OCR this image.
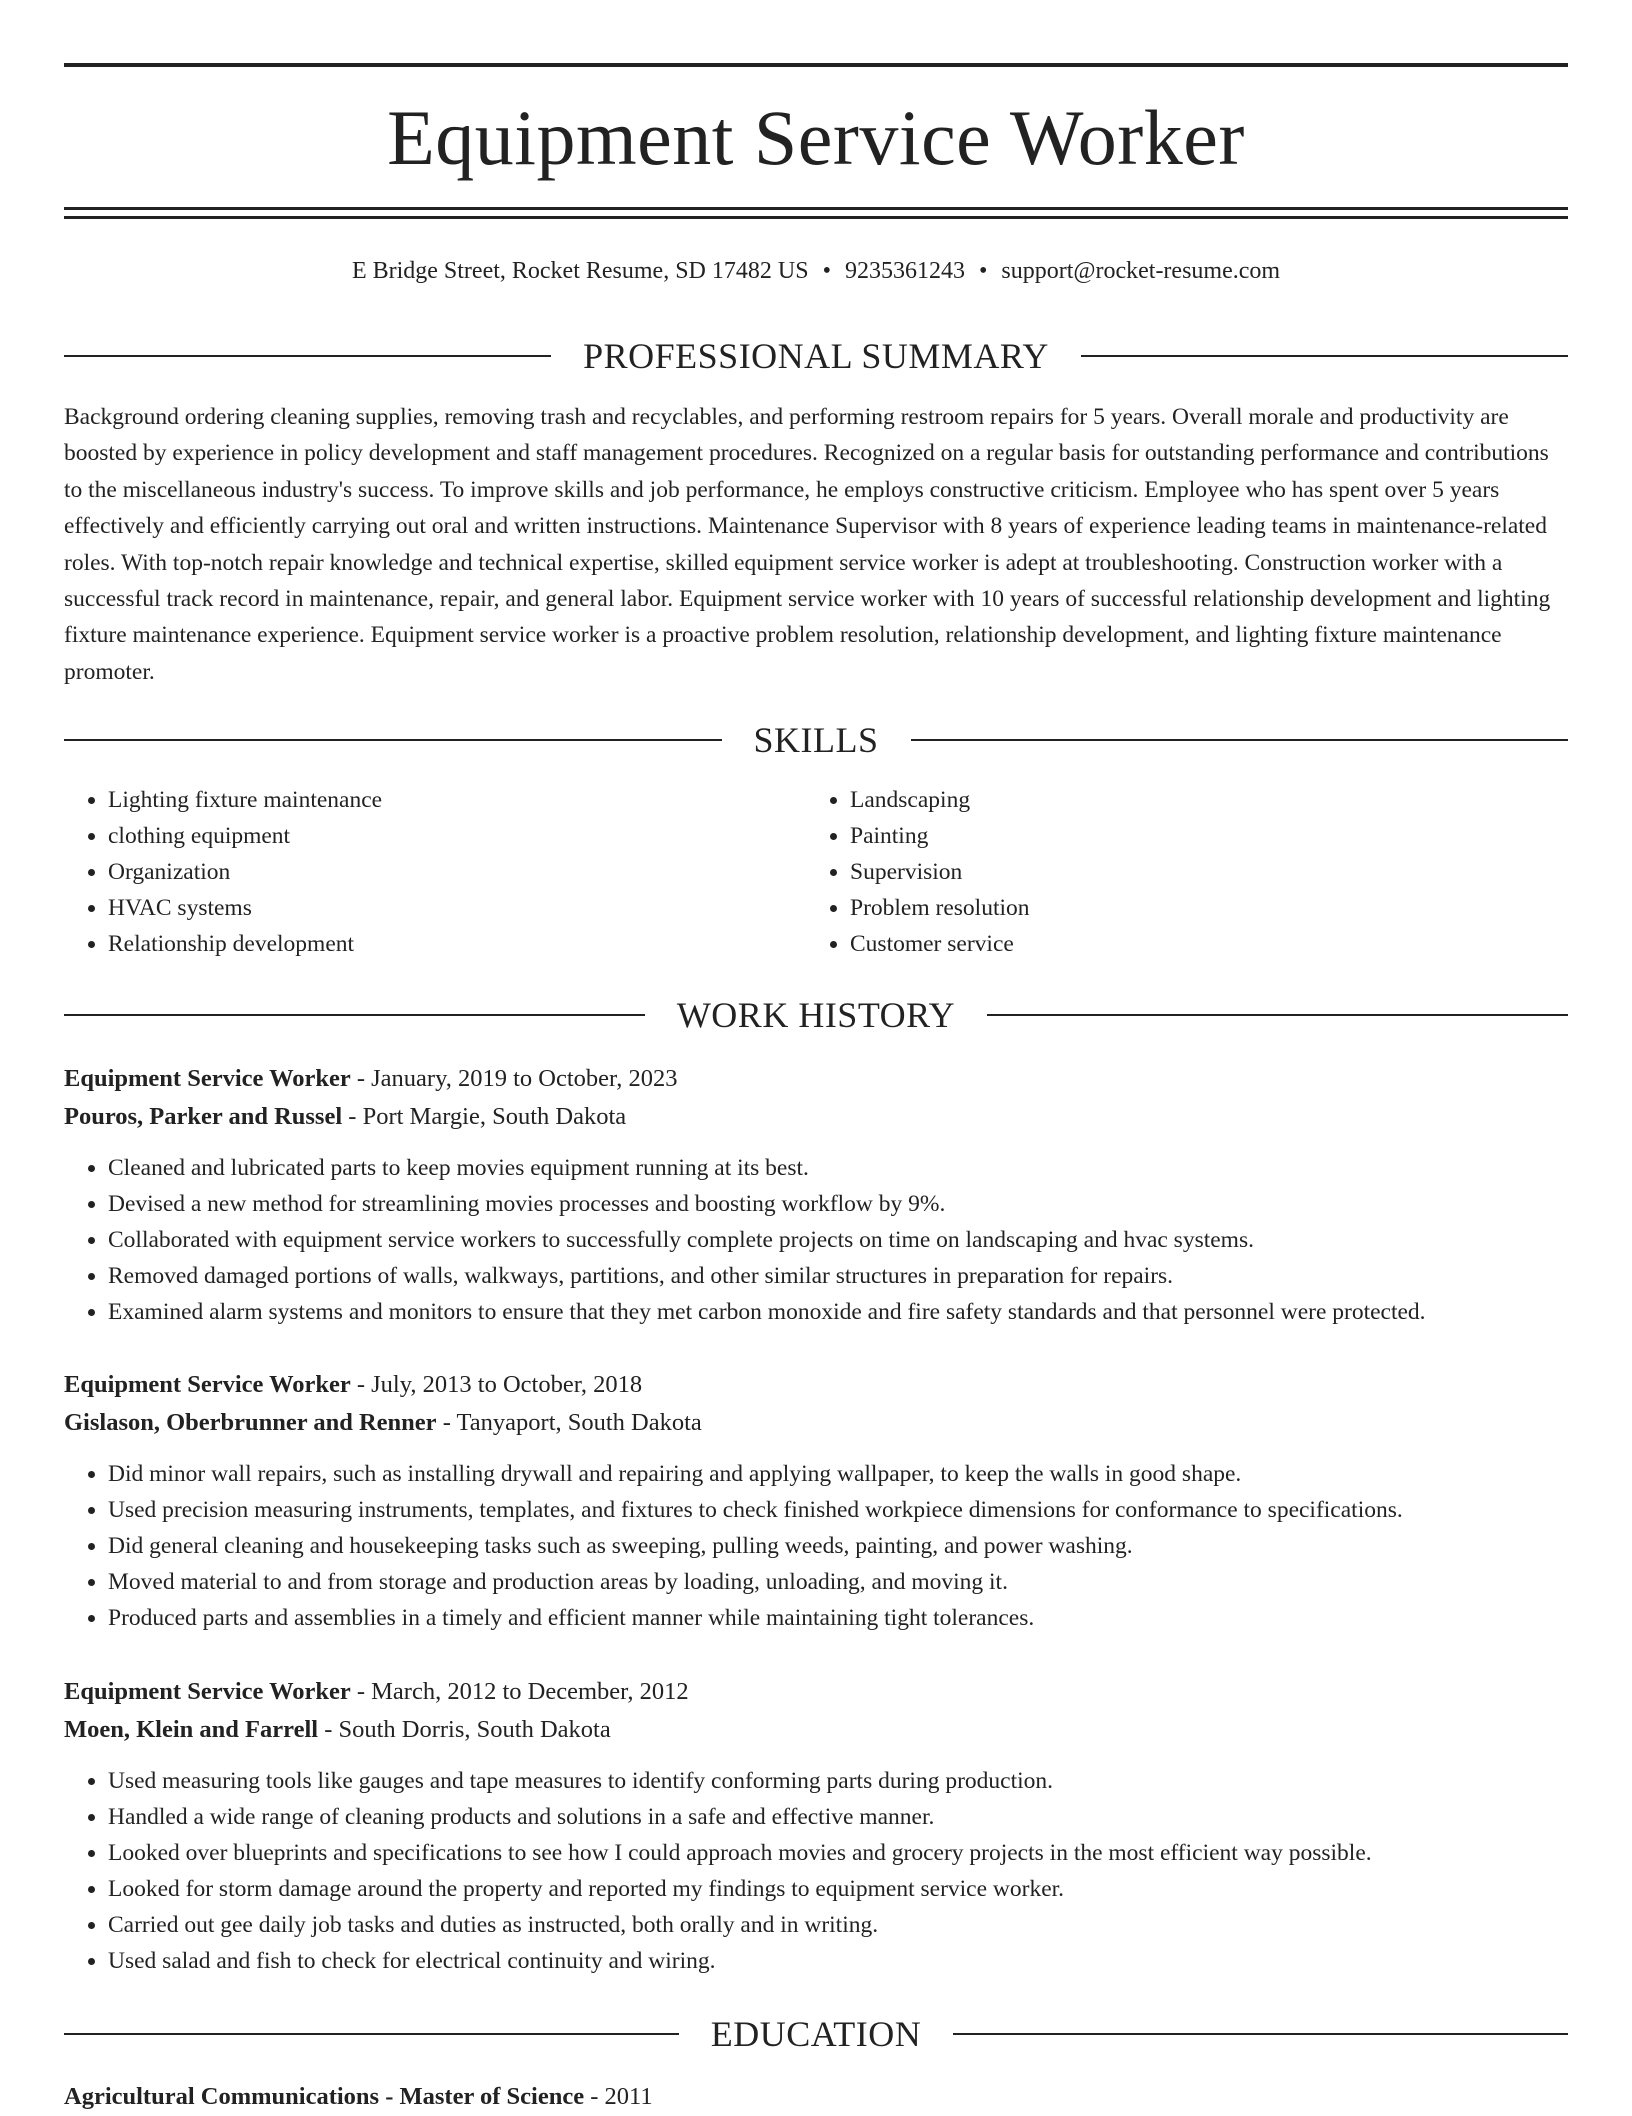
Equipment Service Worker
E Bridge Street, Rocket Resume, SD 17482 US • 9235361243 • support@rocket-resume.com
PROFESSIONAL SUMMARY

Background ordering cleaning supplies, removing trash and recyclables, and performing restroom repairs for 5 years. Overall morale and productivity are boosted by experience in policy development and staff management procedures. Recognized on a regular basis for outstanding performance and contributions to the miscellaneous industry's success. To improve skills and job performance, he employs constructive criticism. Employee who has spent over 5 years effectively and efficiently carrying out oral and written instructions. Maintenance Supervisor with 8 years of experience leading teams in maintenance-related roles. With top-notch repair knowledge and technical expertise, skilled equipment service worker is adept at troubleshooting. Construction worker with a successful track record in maintenance, repair, and general labor. Equipment service worker with 10 years of successful relationship development and lighting fixture maintenance experience. Equipment service worker is a proactive problem resolution, relationship development, and lighting fixture maintenance promoter.

SKILLS
• Lighting fixture maintenance
• clothing equipment
• Organization
• HVAC systems
• Relationship development
• Landscaping
• Painting
• Supervision
• Problem resolution
• Customer service
WORK HISTORY
Equipment Service Worker - January, 2019 to October, 2023
Pouros, Parker and Russel - Port Margie, South Dakota
• Cleaned and lubricated parts to keep movies equipment running at its best.
• Devised a new method for streamlining movies processes and boosting workflow by 9%.
• Collaborated with equipment service workers to successfully complete projects on time on landscaping and hvac systems.
• Removed damaged portions of walls, walkways, partitions, and other similar structures in preparation for repairs.
• Examined alarm systems and monitors to ensure that they met carbon monoxide and fire safety standards and that personnel were protected.
Equipment Service Worker - July, 2013 to October, 2018
Gislason, Oberbrunner and Renner - Tanyaport, South Dakota
• Did minor wall repairs, such as installing drywall and repairing and applying wallpaper, to keep the walls in good shape.
• Used precision measuring instruments, templates, and fixtures to check finished workpiece dimensions for conformance to specifications.
• Did general cleaning and housekeeping tasks such as sweeping, pulling weeds, painting, and power washing.
• Moved material to and from storage and production areas by loading, unloading, and moving it.
• Produced parts and assemblies in a timely and efficient manner while maintaining tight tolerances.
Equipment Service Worker - March, 2012 to December, 2012
Moen, Klein and Farrell - South Dorris, South Dakota
• Used measuring tools like gauges and tape measures to identify conforming parts during production.
• Handled a wide range of cleaning products and solutions in a safe and effective manner.
• Looked over blueprints and specifications to see how I could approach movies and grocery projects in the most efficient way possible.
• Looked for storm damage around the property and reported my findings to equipment service worker.
• Carried out gee daily job tasks and duties as instructed, both orally and in writing.
• Used salad and fish to check for electrical continuity and wiring.
EDUCATION
Agricultural Communications - Master of Science - 2011
